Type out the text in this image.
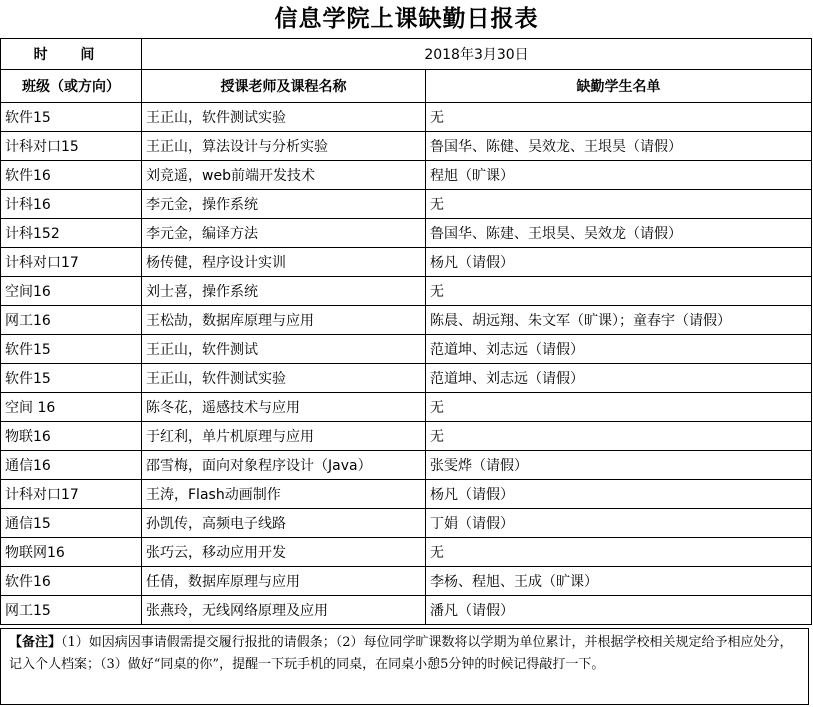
信息学院上课缺勤日报表
时 间	2018年3月30日	
班级（或方向）	授课老师及课程名称	缺勤学生名单
软件15	王正山，软件测试实验	无
计科对口15	王正山，算法设计与分析实验	鲁国华、陈健、吴效龙、王垠昊（请假）
软件16	刘竞遥，web前端开发技术	程旭（旷课）
计科16	李元金，操作系统	无
计科152	李元金，编译方法	鲁国华、陈建、王垠昊、吴效龙（请假）
计科对口17	杨传健，程序设计实训	杨凡（请假）
空间16	刘士喜，操作系统	无
网工16	王松劼，数据库原理与应用	陈晨、胡远翔、朱文军（旷课）；童春宇（请假）
软件15	王正山，软件测试	范道坤、刘志远（请假）
软件15	王正山，软件测试实验	范道坤、刘志远（请假）
空间 16	陈冬花，遥感技术与应用	无
物联16	于红利，单片机原理与应用	无
通信16	邵雪梅，面向对象程序设计（Java）	张雯烨（请假）
计科对口17	王涛，Flash动画制作	杨凡（请假）
通信15	孙凯传，高频电子线路	丁娟（请假）
物联网16	张巧云，移动应用开发	无
软件16	任倩，数据库原理与应用	李杨、程旭、王成（旷课）
网工15	张燕玲，无线网络原理及应用	潘凡（请假）
【备注】（1）如因病因事请假需提交履行报批的请假条；（2）每位同学旷课数将以学期为单位累计，并根据学校相关规定给予相应处分，记入个人档案；（3）做好“同桌的你”，提醒一下玩手机的同桌，在同桌小憩5分钟的时候记得敲打一下。
